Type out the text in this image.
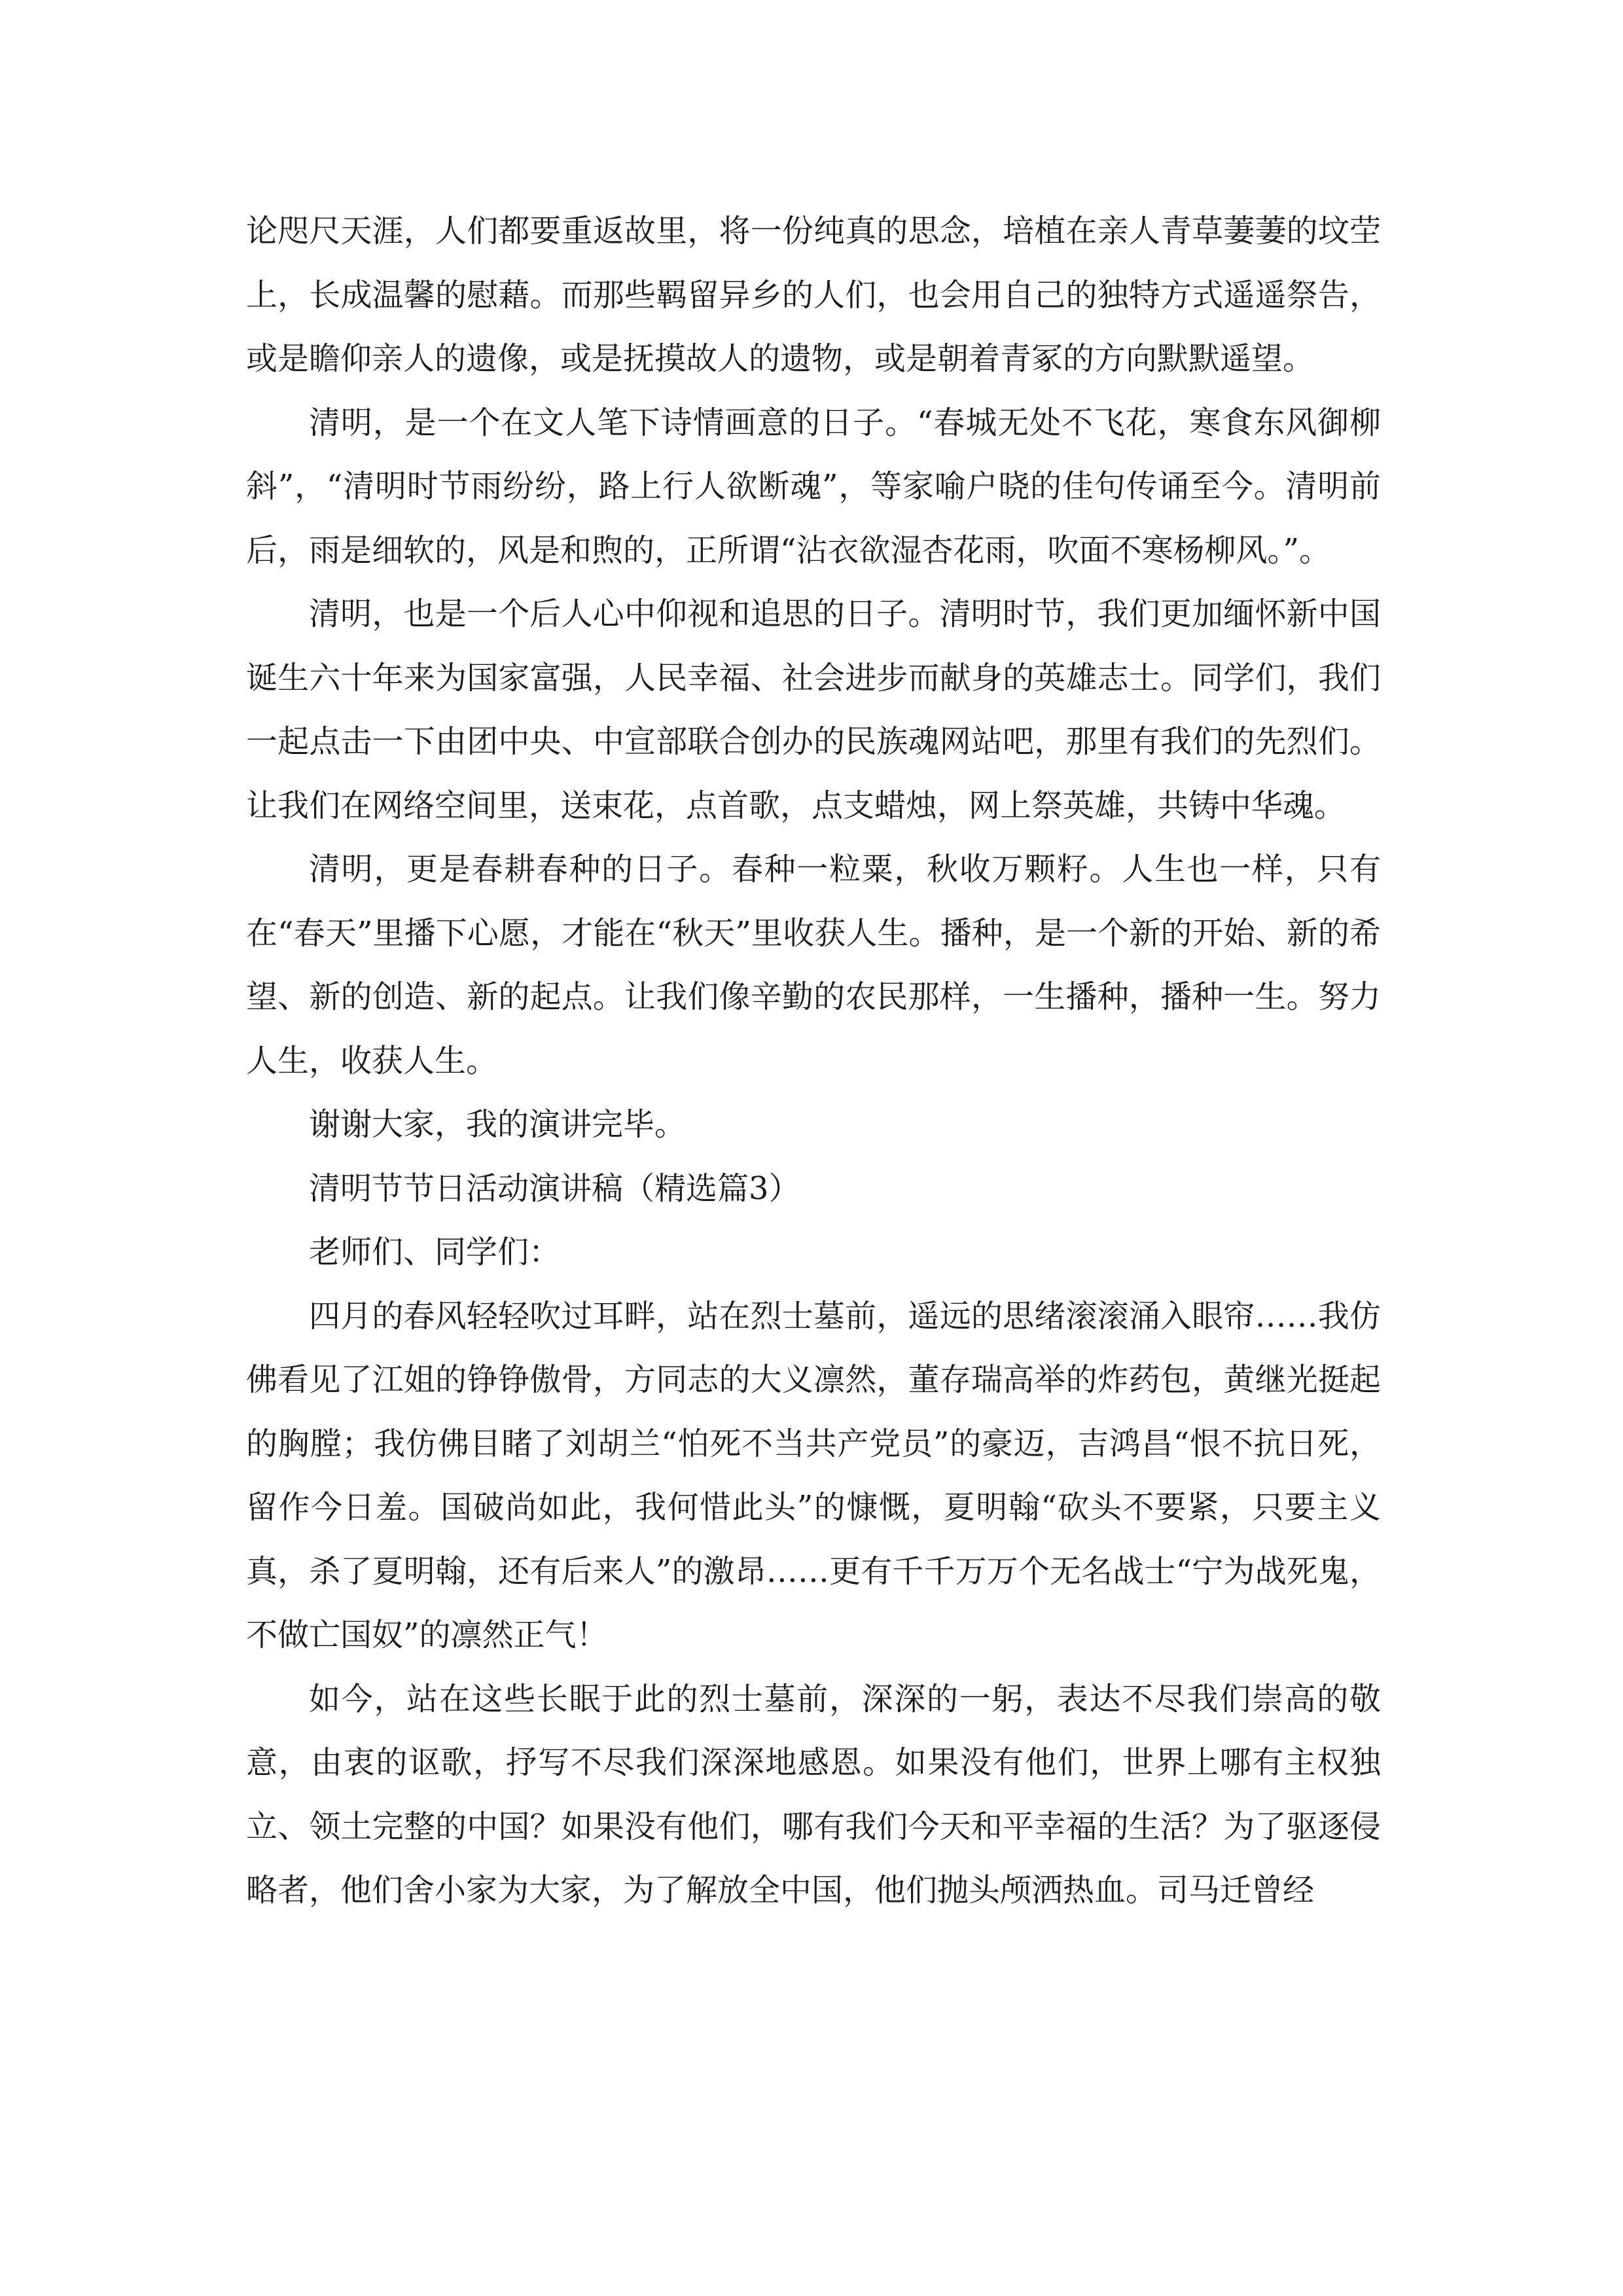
论咫尺天涯，人们都要重返故里，将一份纯真的思念，培植在亲人青草萋萋的坟茔上，长成温馨的慰藉。而那些羁留异乡的人们，也会用自己的独特方式遥遥祭告，或是瞻仰亲人的遗像，或是抚摸故人的遗物，或是朝着青冢的方向默默遥望。

清明，是一个在文人笔下诗情画意的日子。“春城无处不飞花，寒食东风御柳斜”，“清明时节雨纷纷，路上行人欲断魂”，等家喻户晓的佳句传诵至今。清明前后，雨是细软的，风是和煦的，正所谓“沾衣欲湿杏花雨，吹面不寒杨柳风。”。

清明，也是一个后人心中仰视和追思的日子。清明时节，我们更加缅怀新中国诞生六十年来为国家富强，人民幸福、社会进步而献身的英雄志士。同学们，我们一起点击一下由团中央、中宣部联合创办的民族魂网站吧，那里有我们的先烈们。让我们在网络空间里，送束花，点首歌，点支蜡烛，网上祭英雄，共铸中华魂。

清明，更是春耕春种的日子。春种一粒粟，秋收万颗籽。人生也一样，只有在“春天”里播下心愿，才能在“秋天”里收获人生。播种，是一个新的开始、新的希望、新的创造、新的起点。让我们像辛勤的农民那样，一生播种，播种一生。努力人生，收获人生。

谢谢大家，我的演讲完毕。

清明节节日活动演讲稿（精选篇3）

老师们、同学们：

四月的春风轻轻吹过耳畔，站在烈士墓前，遥远的思绪滚滚涌入眼帘……我仿佛看见了江姐的铮铮傲骨，方同志的大义凛然，董存瑞高举的炸药包，黄继光挺起的胸膛；我仿佛目睹了刘胡兰“怕死不当共产党员”的豪迈，吉鸿昌“恨不抗日死，留作今日羞。国破尚如此，我何惜此头”的慷慨，夏明翰“砍头不要紧，只要主义真，杀了夏明翰，还有后来人”的激昂……更有千千万万个无名战士“宁为战死鬼，不做亡国奴”的凛然正气！

如今，站在这些长眠于此的烈士墓前，深深的一躬，表达不尽我们崇高的敬意，由衷的讴歌，抒写不尽我们深深地感恩。如果没有他们，世界上哪有主权独立、领土完整的中国？如果没有他们，哪有我们今天和平幸福的生活？为了驱逐侵略者，他们舍小家为大家，为了解放全中国，他们抛头颅洒热血。司马迁曾经
